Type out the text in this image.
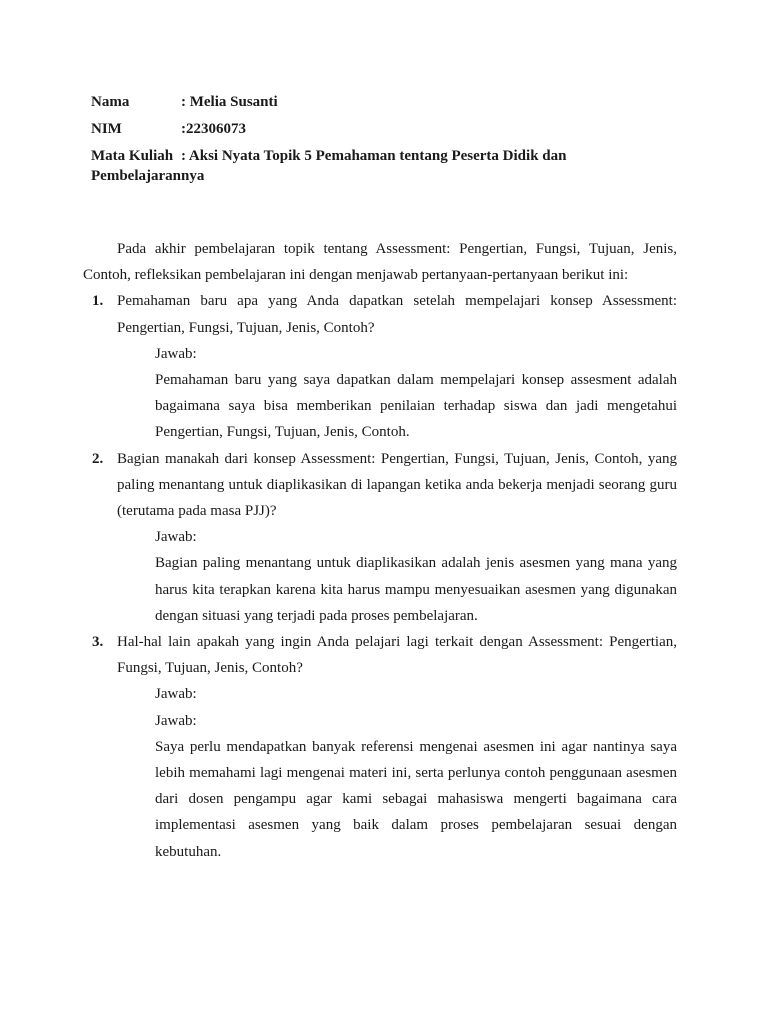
Nama	: Melia Susanti
NIM	:22306073
Mata Kuliah : Aksi Nyata Topik 5 Pemahaman tentang Peserta Didik dan
Pembelajarannya

Pada akhir pembelajaran topik tentang Assessment: Pengertian, Fungsi, Tujuan, Jenis, Contoh, refleksikan pembelajaran ini dengan menjawab pertanyaan-pertanyaan berikut ini:

1. Pemahaman baru apa yang Anda dapatkan setelah mempelajari konsep Assessment: Pengertian, Fungsi, Tujuan, Jenis, Contoh?

Jawab:

Pemahaman baru yang saya dapatkan dalam mempelajari konsep assesment adalah bagaimana saya bisa memberikan penilaian terhadap siswa dan jadi mengetahui Pengertian, Fungsi, Tujuan, Jenis, Contoh.

2. Bagian manakah dari konsep Assessment: Pengertian, Fungsi, Tujuan, Jenis, Contoh, yang paling menantang untuk diaplikasikan di lapangan ketika anda bekerja menjadi seorang guru (terutama pada masa PJJ)?

Jawab:

Bagian paling menantang untuk diaplikasikan adalah jenis asesmen yang mana yang harus kita terapkan karena kita harus mampu menyesuaikan asesmen yang digunakan dengan situasi yang terjadi pada proses pembelajaran.

3. Hal-hal lain apakah yang ingin Anda pelajari lagi terkait dengan Assessment: Pengertian, Fungsi, Tujuan, Jenis, Contoh?

Jawab:

Jawab:

Saya perlu mendapatkan banyak referensi mengenai asesmen ini agar nantinya saya lebih memahami lagi mengenai materi ini, serta perlunya contoh penggunaan asesmen dari dosen pengampu agar kami sebagai mahasiswa mengerti bagaimana cara implementasi asesmen yang baik dalam proses pembelajaran sesuai dengan kebutuhan.
